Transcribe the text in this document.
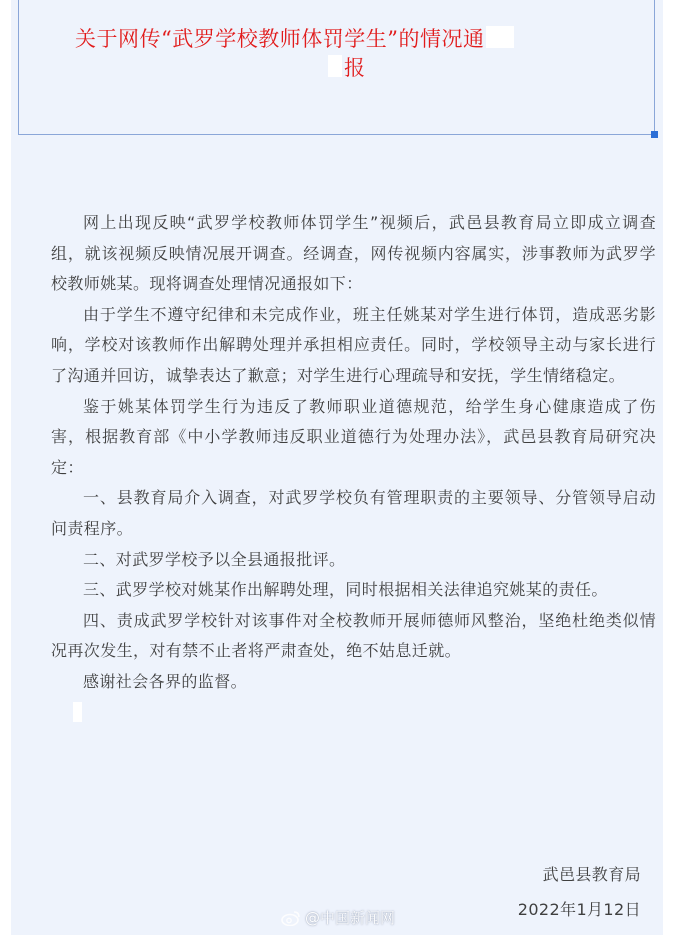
关于网传“武罗学校教师体罚学生”的情况通
报

网上出现反映“武罗学校教师体罚学生”视频后，武邑县教育局立即成立调查组，就该视频反映情况展开调查。经调查，网传视频内容属实，涉事教师为武罗学校教师姚某。现将调查处理情况通报如下：

由于学生不遵守纪律和未完成作业，班主任姚某对学生进行体罚，造成恶劣影响，学校对该教师作出解聘处理并承担相应责任。同时，学校领导主动与家长进行了沟通并回访，诚挚表达了歉意；对学生进行心理疏导和安抚，学生情绪稳定。

鉴于姚某体罚学生行为违反了教师职业道德规范，给学生身心健康造成了伤害，根据教育部《中小学教师违反职业道德行为处理办法》，武邑县教育局研究决定：

一、县教育局介入调查，对武罗学校负有管理职责的主要领导、分管领导启动问责程序。

二、对武罗学校予以全县通报批评。

三、武罗学校对姚某作出解聘处理，同时根据相关法律追究姚某的责任。

四、责成武罗学校针对该事件对全校教师开展师德师风整治，坚绝杜绝类似情况再次发生，对有禁不止者将严肃查处，绝不姑息迁就。

感谢社会各界的监督。

武邑县教育局
@中国新闻网	2022年1月12日
